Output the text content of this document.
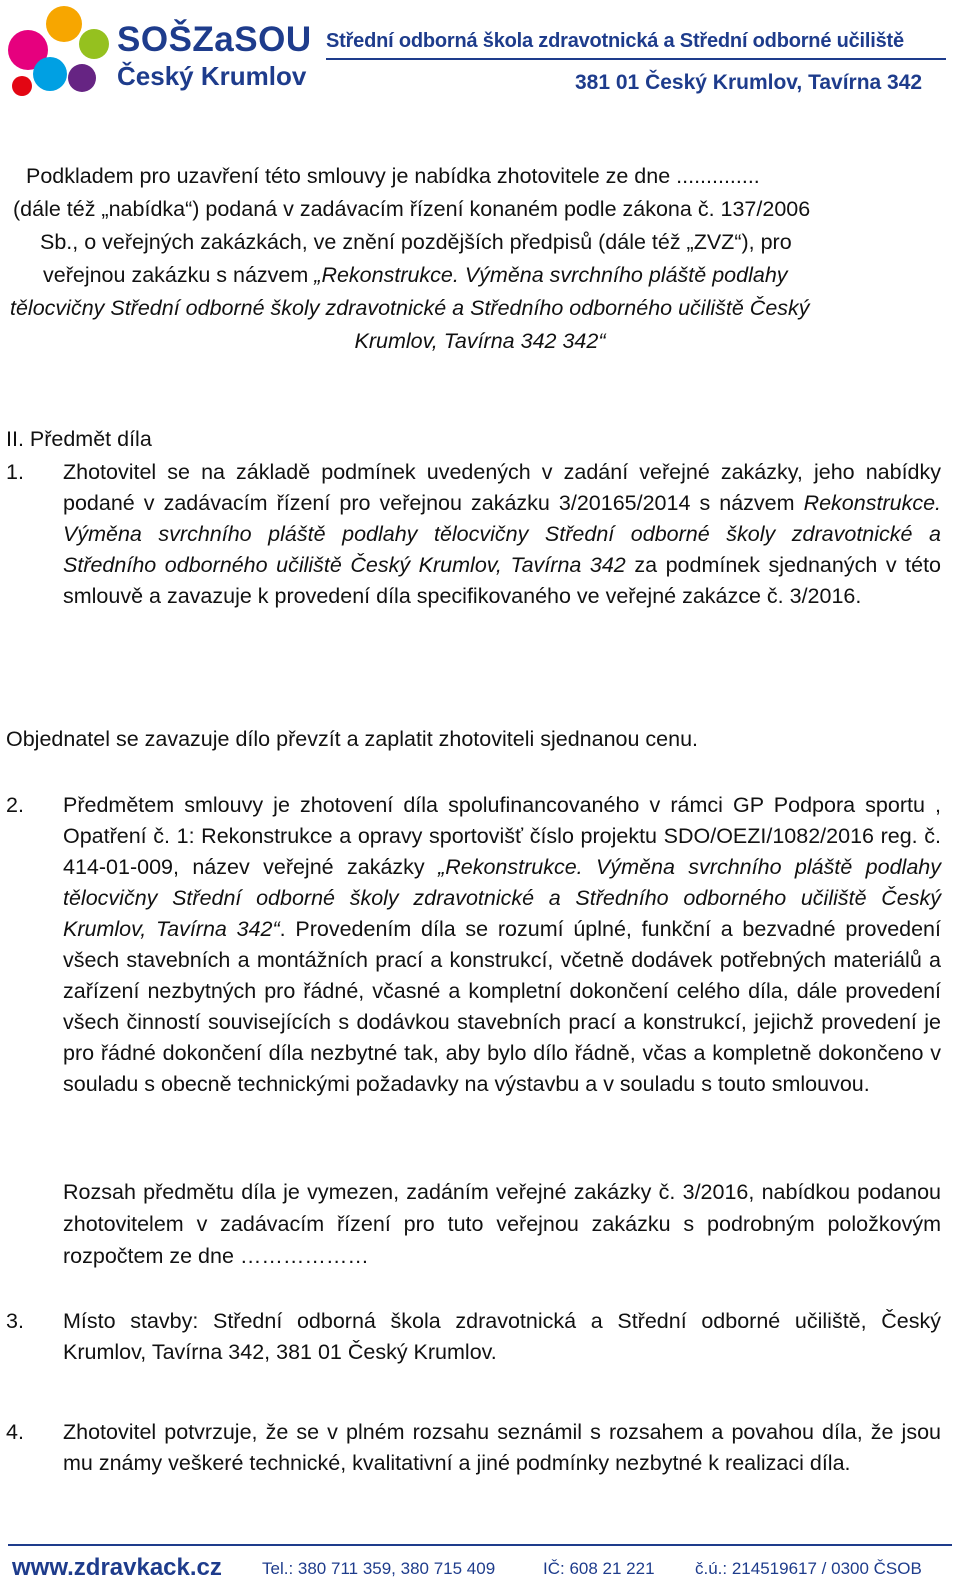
SOŠZaSOU
Český Krumlov
Střední odborná škola zdravotnická a Střední odborné učiliště
381 01 Český Krumlov, Tavírna 342
Podkladem pro uzavření této smlouvy je nabídka zhotovitele ze dne ..............
(dále též „nabídka“) podaná v zadávacím řízení konaném podle zákona č. 137/2006
Sb., o veřejných zakázkách, ve znění pozdějších předpisů (dále též „ZVZ“), pro
veřejnou zakázku s názvem „Rekonstrukce. Výměna svrchního pláště podlahy
tělocvičny Střední odborné školy zdravotnické a Středního odborného učiliště Český
Krumlov, Tavírna 342 342“
II. Předmět díla
1. Zhotovitel se na základě podmínek uvedených v zadání veřejné zakázky, jeho nabídky podané v zadávacím řízení pro veřejnou zakázku 3/20165/2014 s názvem Rekonstrukce. Výměna svrchního pláště podlahy tělocvičny Střední odborné školy zdravotnické a Středního odborného učiliště Český Krumlov, Tavírna 342 za podmínek sjednaných v této smlouvě a zavazuje k provedení díla specifikovaného ve veřejné zakázce č. 3/2016.
Objednatel se zavazuje dílo převzít a zaplatit zhotoviteli sjednanou cenu.
2. Předmětem smlouvy je zhotovení díla spolufinancovaného v rámci GP Podpora sportu , Opatření č. 1: Rekonstrukce a opravy sportovišť číslo projektu SDO/OEZI/1082/2016 reg. č. 414-01-009, název veřejné zakázky „Rekonstrukce. Výměna svrchního pláště podlahy tělocvičny Střední odborné školy zdravotnické a Středního odborného učiliště Český Krumlov, Tavírna 342“. Provedením díla se rozumí úplné, funkční a bezvadné provedení všech stavebních a montážních prací a konstrukcí, včetně dodávek potřebných materiálů a zařízení nezbytných pro řádné, včasné a kompletní dokončení celého díla, dále provedení všech činností souvisejících s dodávkou stavebních prací a konstrukcí, jejichž provedení je pro řádné dokončení díla nezbytné tak, aby bylo dílo řádně, včas a kompletně dokončeno v souladu s obecně technickými požadavky na výstavbu a v souladu s touto smlouvou.
Rozsah předmětu díla je vymezen, zadáním veřejné zakázky č. 3/2016, nabídkou podanou zhotovitelem v zadávacím řízení pro tuto veřejnou zakázku s podrobným položkovým rozpočtem ze dne ………………
3. Místo stavby: Střední odborná škola zdravotnická a Střední odborné učiliště, Český Krumlov, Tavírna 342, 381 01 Český Krumlov.
4. Zhotovitel potvrzuje, že se v plném rozsahu seznámil s rozsahem a povahou díla, že jsou mu známy veškeré technické, kvalitativní a jiné podmínky nezbytné k realizaci díla.
www.zdravkack.cz Tel.: 380 711 359, 380 715 409	IČ: 608 21 221 č.ú.: 214519617 / 0300 ČSOB
